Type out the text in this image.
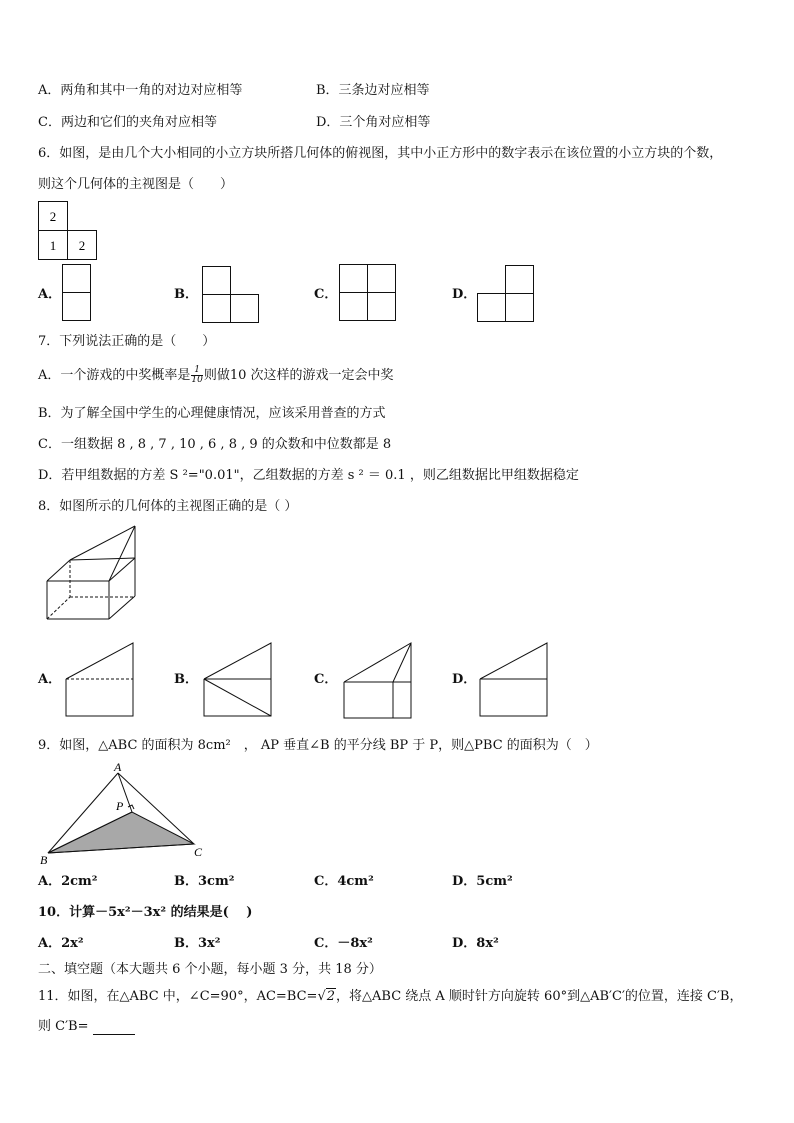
A．两角和其中一角的对边对应相等	B．三条边对应相等
C．两边和它们的夹角对应相等	D．三个角对应相等
6．如图，是由几个大小相同的小立方块所搭几何体的俯视图，其中小正方形中的数字表示在该位置的小立方块的个数，
则这个几何体的主视图是（　　）
2
1 2
A．	B．	C．	D．
7．下列说法正确的是（　　）
A．一个游戏的中奖概率是 $\frac{1}{10}$ 则做10 次这样的游戏一定会中奖
B．为了解全国中学生的心理健康情况，应该采用普查的方式
C．一组数据 8 , 8 , 7 , 10 , 6 , 8 , 9 的众数和中位数都是 8
D．若甲组数据的方差 S ²="0.01"，乙组数据的方差 s ² ＝ 0.1 ，则乙组数据比甲组数据稳定
8．如图所示的几何体的主视图正确的是（ ）
A．	B．	C．	D．
9．如图，△ABC 的面积为 8cm²　， AP 垂直∠B 的平分线 BP 于 P，则△PBC 的面积为（　）
A
P
B
C
A．2cm²	B．3cm²	C．4cm²	D．5cm²
10．计算－5x²－3x² 的结果是(　 )
A．2x²	B．3x²	C．－8x²	D．8x²
二、填空题（本大题共 6 个小题，每小题 3 分，共 18 分）
11．如图，在△ABC 中，∠C=90°，AC=BC=√2，将△ABC 绕点 A 顺时针方向旋转 60°到△AB′C′的位置，连接 C′B，
则 C′B=
